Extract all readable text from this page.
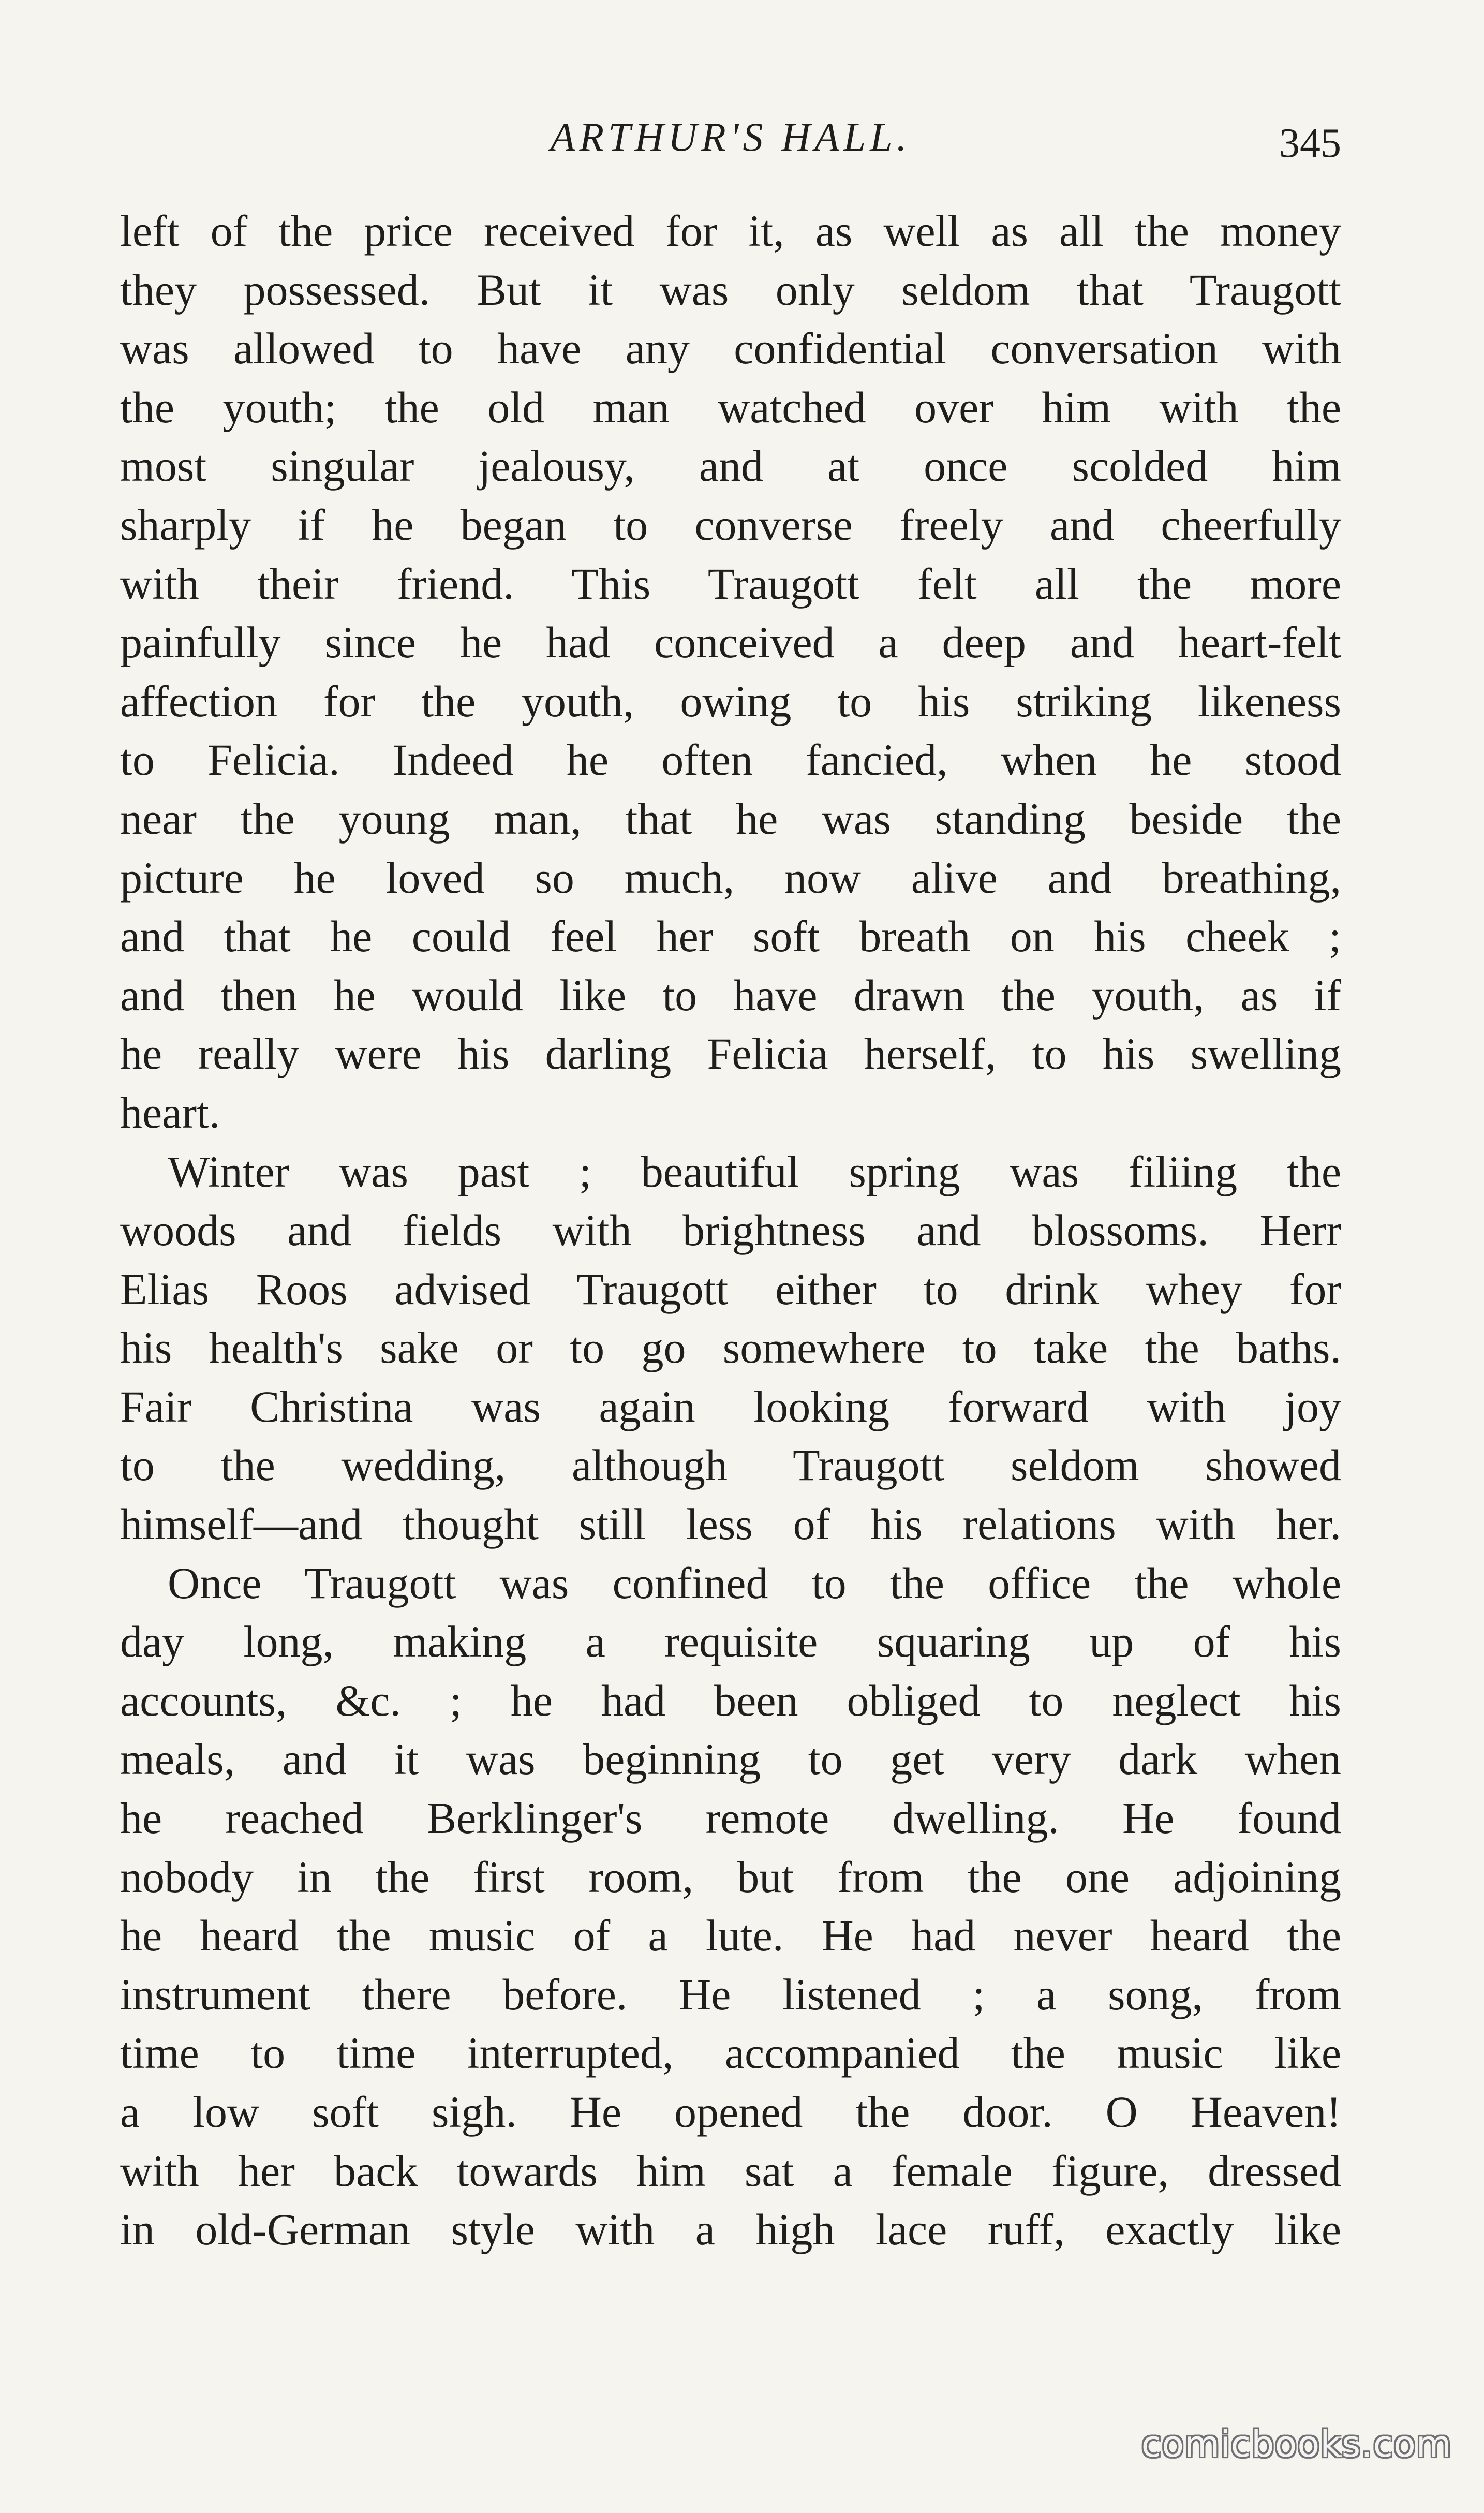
ARTHUR'S HALL.	345
left of the price received for it, as well as all the money
they possessed. But it was only seldom that Traugott
was allowed to have any confidential conversation with
the youth; the old man watched over him with the
most singular jealousy, and at once scolded him
sharply if he began to converse freely and cheerfully
with their friend. This Traugott felt all the more
painfully since he had conceived a deep and heart-felt
affection for the youth, owing to his striking likeness
to Felicia. Indeed he often fancied, when he stood
near the young man, that he was standing beside the
picture he loved so much, now alive and breathing,
and that he could feel her soft breath on his cheek ;
and then he would like to have drawn the youth, as if
he really were his darling Felicia herself, to his swelling
heart.
Winter was past ; beautiful spring was filiing the
woods and fields with brightness and blossoms. Herr
Elias Roos advised Traugott either to drink whey for
his health's sake or to go somewhere to take the baths.
Fair Christina was again looking forward with joy
to the wedding, although Traugott seldom showed
himself—and thought still less of his relations with her.
Once Traugott was confined to the office the whole
day long, making a requisite squaring up of his
accounts, &c. ; he had been obliged to neglect his
meals, and it was beginning to get very dark when
he reached Berklinger's remote dwelling. He found
nobody in the first room, but from the one adjoining
he heard the music of a lute. He had never heard the
instrument there before. He listened ; a song, from
time to time interrupted, accompanied the music like
a low soft sigh. He opened the door. O Heaven!
with her back towards him sat a female figure, dressed
in old-German style with a high lace ruff, exactly like
comicbooks.com
